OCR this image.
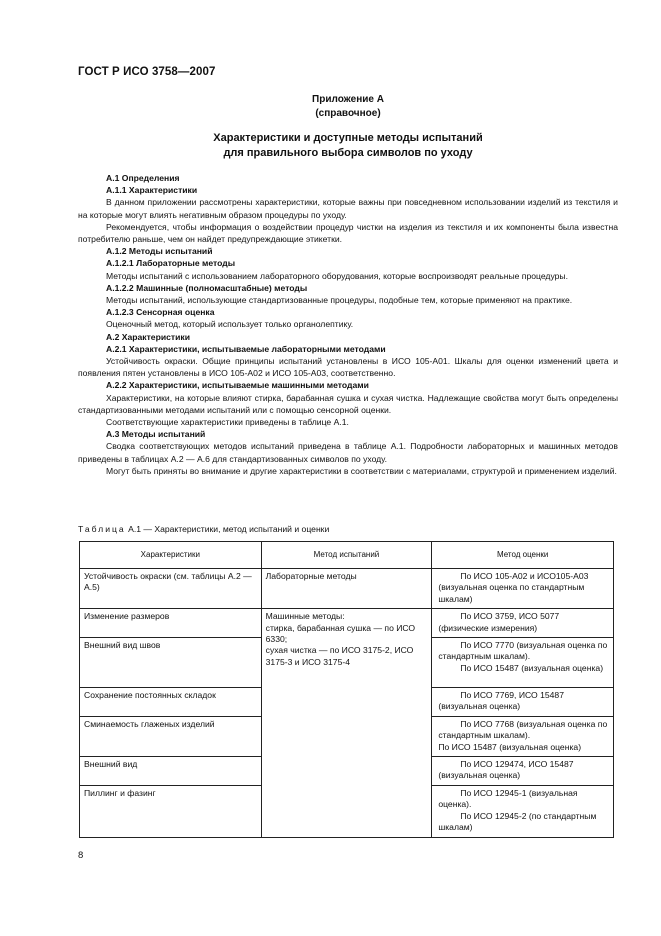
ГОСТ Р ИСО 3758—2007
Приложение А
(справочное)
Характеристики и доступные методы испытаний
для правильного выбора символов по уходу

А.1 Определения

А.1.1 Характеристики

В данном приложении рассмотрены характеристики, которые важны при повседневном использовании изделий из текстиля и на которые могут влиять негативным образом процедуры по уходу.

Рекомендуется, чтобы информация о воздействии процедур чистки на изделия из текстиля и их компоненты была известна потребителю раньше, чем он найдет предупреждающие этикетки.

А.1.2 Методы испытаний

А.1.2.1 Лабораторные методы

Методы испытаний с использованием лабораторного оборудования, которые воспроизводят реальные процедуры.

А.1.2.2 Машинные (полномасштабные) методы

Методы испытаний, использующие стандартизованные процедуры, подобные тем, которые применяют на практике.

А.1.2.3 Сенсорная оценка

Оценочный метод, который использует только органолептику.

А.2 Характеристики

А.2.1 Характеристики, испытываемые лабораторными методами

Устойчивость окраски. Общие принципы испытаний установлены в ИСО 105-А01. Шкалы для оценки изменений цвета и появления пятен установлены в ИСО 105-А02 и ИСО 105-А03, соответственно.

А.2.2 Характеристики, испытываемые машинными методами

Характеристики, на которые влияют стирка, барабанная сушка и сухая чистка. Надлежащие свойства могут быть определены стандартизованными методами испытаний или с помощью сенсорной оценки.

Соответствующие характеристики приведены в таблице А.1.

А.3 Методы испытаний

Сводка соответствующих методов испытаний приведена в таблице А.1. Подробности лабораторных и машинных методов приведены в таблицах А.2 — А.6 для стандартизованных символов по уходу.

Могут быть приняты во внимание и другие характеристики в соответствии с материалами, структурой и применением изделий.

Таблица А.1 — Характеристики, метод испытаний и оценки
Характеристики	Метод испытаний	Метод оценки
Устойчивость окраски (см. таблицы А.2 — А.5)	Лабораторные методы	По ИСО 105-А02 и ИСО105-А03 (визуальная оценка по стандартным шкалам)

Изменение размеров	Машинные методы:
стирка, барабанная сушка — по ИСО 6330;
сухая чистка — по ИСО 3175-2, ИСО 3175-3 и ИСО 3175-4	По ИСО 3759, ИСО 5077 (физические измерения)

Внешний вид швов		По ИСО 7770 (визуальная оценка по стандартным шкалам).
По ИСО 15487 (визуальная оценка)

Сохранение постоянных складок		По ИСО 7769, ИСО 15487 (визуальная оценка)

Сминаемость глаженых изделий		По ИСО 7768 (визуальная оценка по стандартным шкалам).
По ИСО 15487 (визуальная оценка)

Внешний вид		По ИСО 129474, ИСО 15487 (визуальная оценка)

Пиллинг и фазинг		По ИСО 12945-1 (визуальная оценка).
По ИСО 12945-2 (по стандартным шкалам)
8
